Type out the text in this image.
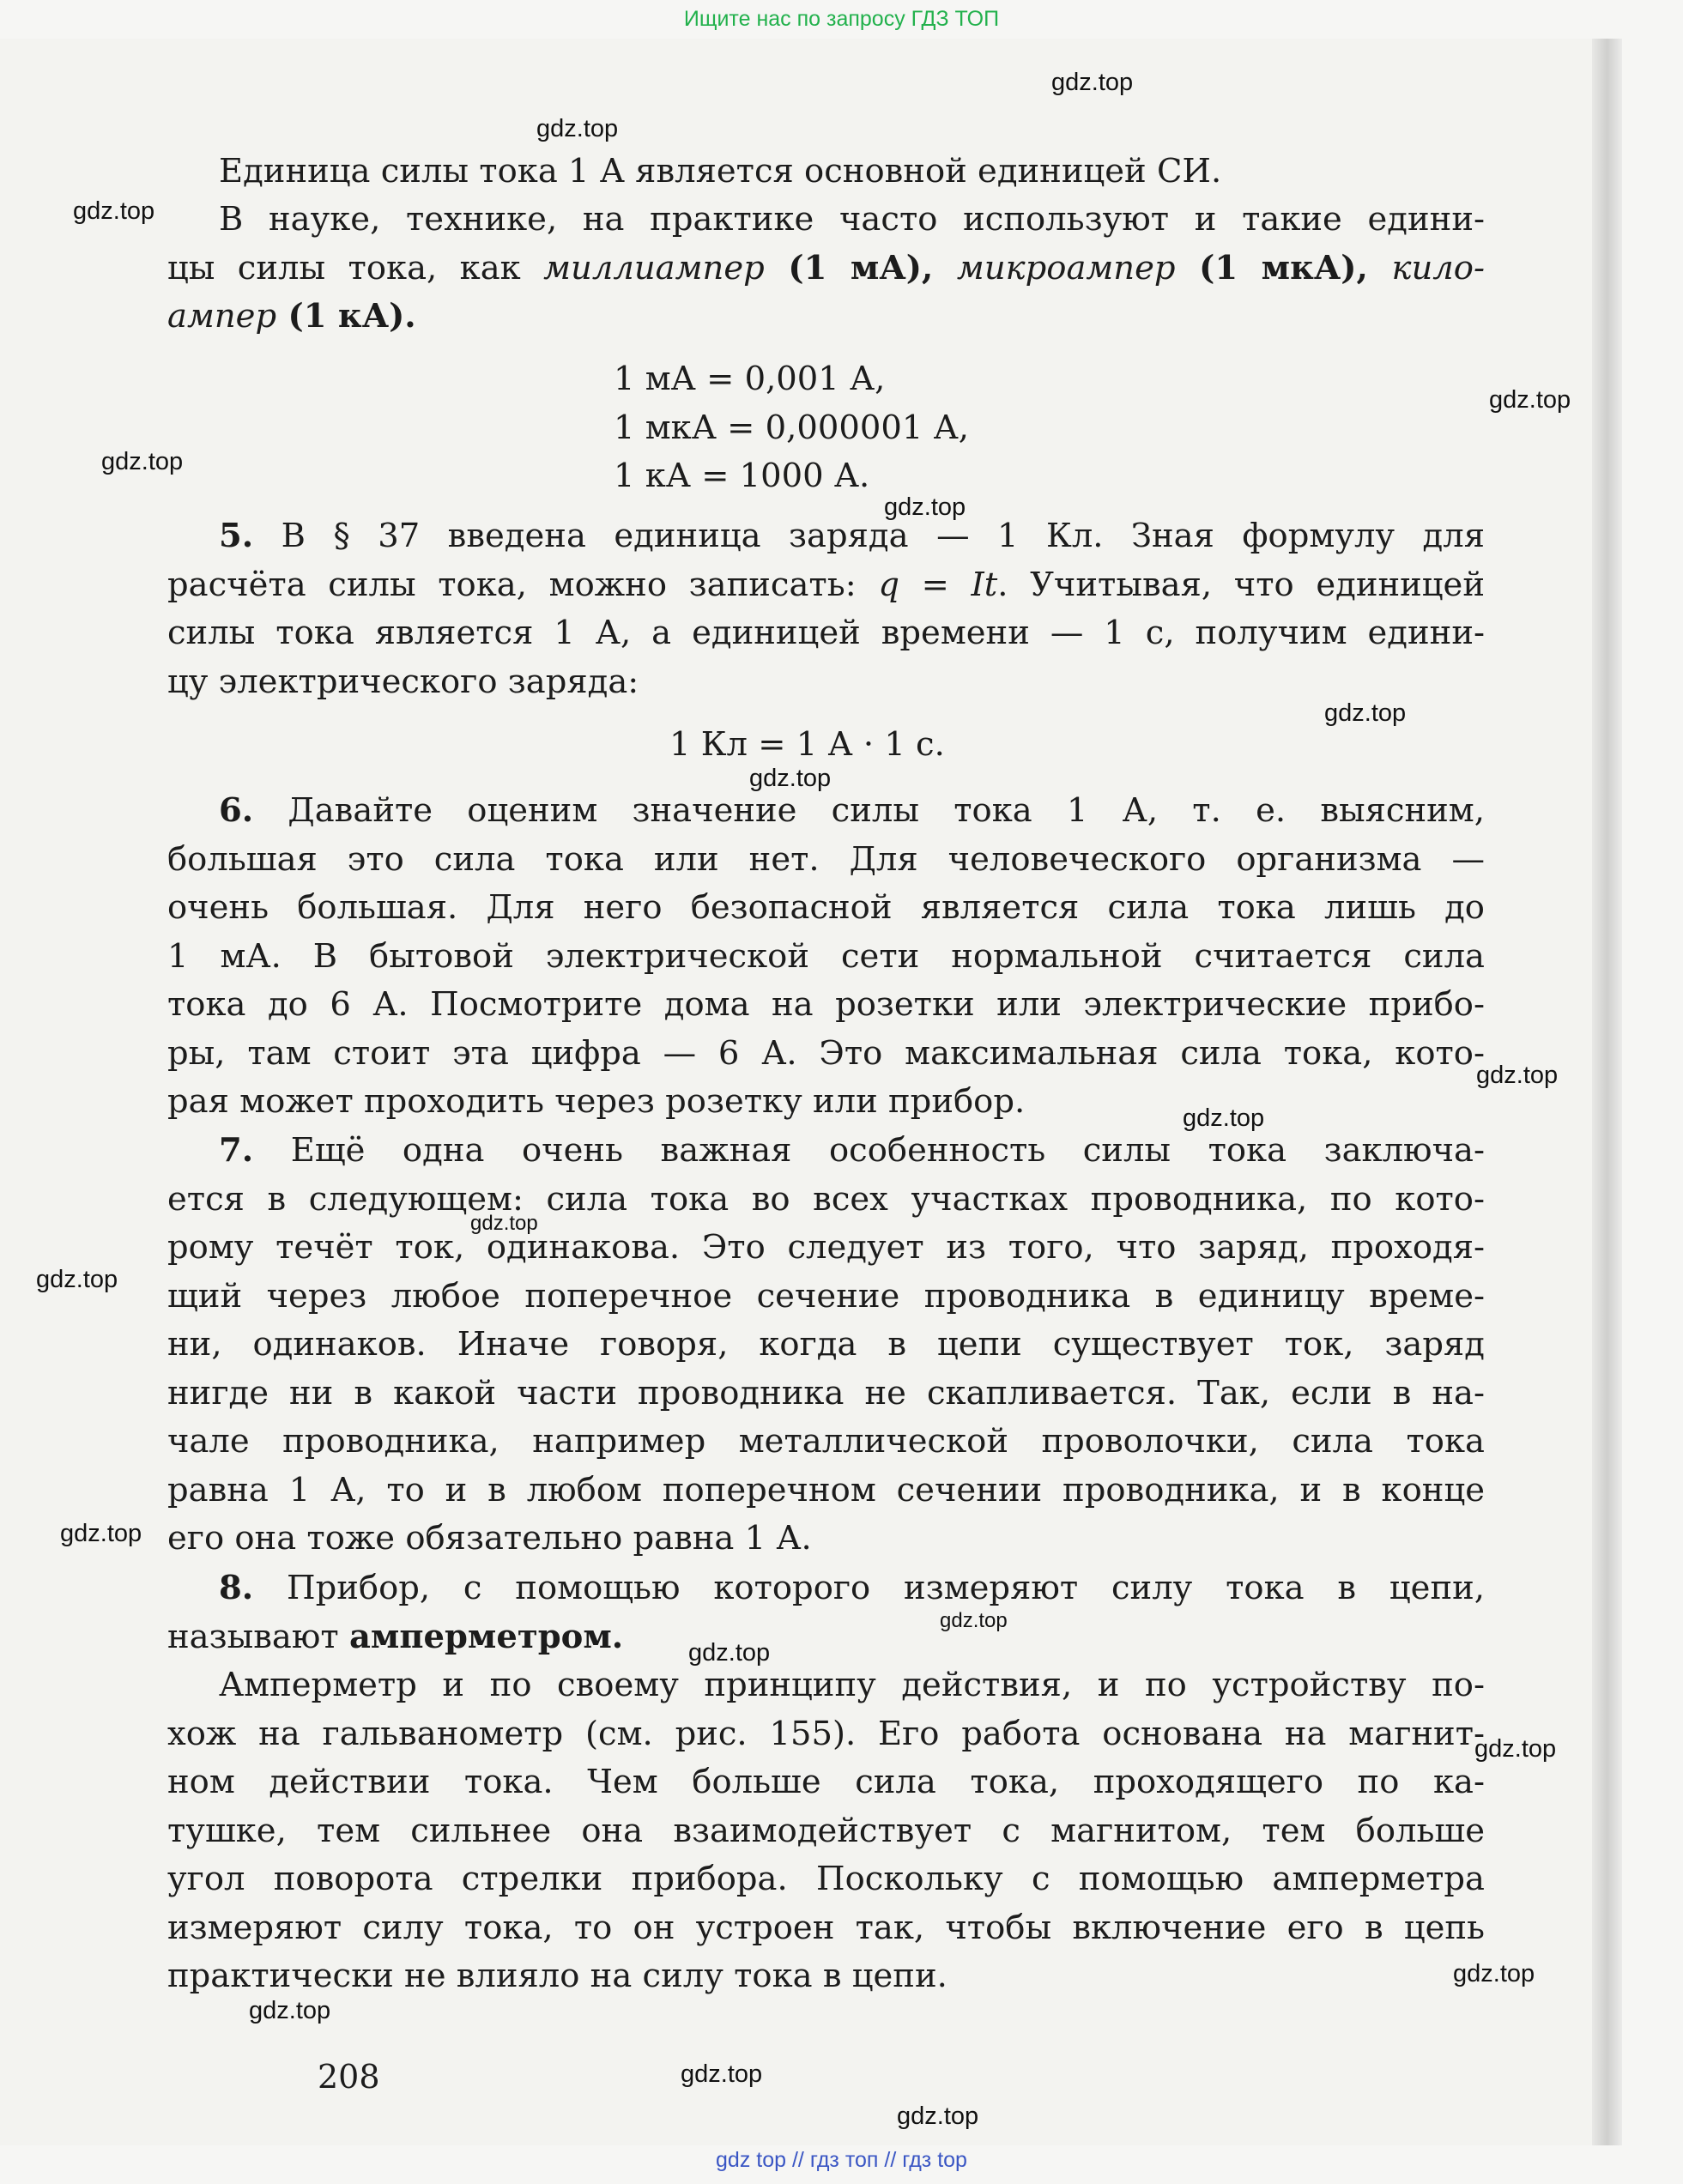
Ищите нас по запросу ГДЗ ТОП
Единица силы тока 1 А является основной единицей СИ.
В науке, технике, на практике часто используют и такие едини-
цы силы тока, как миллиампер (1 мА), микроампер (1 мкА), кило-
ампер (1 кА).
1 мА = 0,001 А,
1 мкА = 0,000001 А,
1 кА = 1000 А.
5. В § 37 введена единица заряда — 1 Кл. Зная формулу для
расчёта силы тока, можно записать: q = It. Учитывая, что единицей
силы тока является 1 А, а единицей времени — 1 с, получим едини-
цу электрического заряда:
1 Кл = 1 А · 1 с.
6. Давайте оценим значение силы тока 1 А, т. е. выясним,
большая это сила тока или нет. Для человеческого организма —
очень большая. Для него безопасной является сила тока лишь до
1 мА. В бытовой электрической сети нормальной считается сила
тока до 6 А. Посмотрите дома на розетки или электрические прибо-
ры, там стоит эта цифра — 6 А. Это максимальная сила тока, кото-
рая может проходить через розетку или прибор.
7. Ещё одна очень важная особенность силы тока заключа-
ется в следующем: сила тока во всех участках проводника, по кото-
рому течёт ток, одинакова. Это следует из того, что заряд, проходя-
щий через любое поперечное сечение проводника в единицу време-
ни, одинаков. Иначе говоря, когда в цепи существует ток, заряд
нигде ни в какой части проводника не скапливается. Так, если в на-
чале проводника, например металлической проволочки, сила тока
равна 1 А, то и в любом поперечном сечении проводника, и в конце
его она тоже обязательно равна 1 А.
8. Прибор, с помощью которого измеряют силу тока в цепи,
называют амперметром.
Амперметр и по своему принципу действия, и по устройству по-
хож на гальванометр (см. рис. 155). Его работа основана на магнит-
ном действии тока. Чем больше сила тока, проходящего по ка-
тушке, тем сильнее она взаимодействует с магнитом, тем больше
угол поворота стрелки прибора. Поскольку с помощью амперметра
измеряют силу тока, то он устроен так, чтобы включение его в цепь
практически не влияло на силу тока в цепи.
208
gdz.top
gdz.top
gdz.top
gdz.top
gdz.top
gdz.top
gdz.top
gdz.top
gdz.top
gdz.top
gdz.top
gdz.top
gdz.top
gdz.top
gdz.top
gdz.top
gdz.top
gdz.top
gdz.top
gdz.top
gdz top // гдз топ // гдз top
